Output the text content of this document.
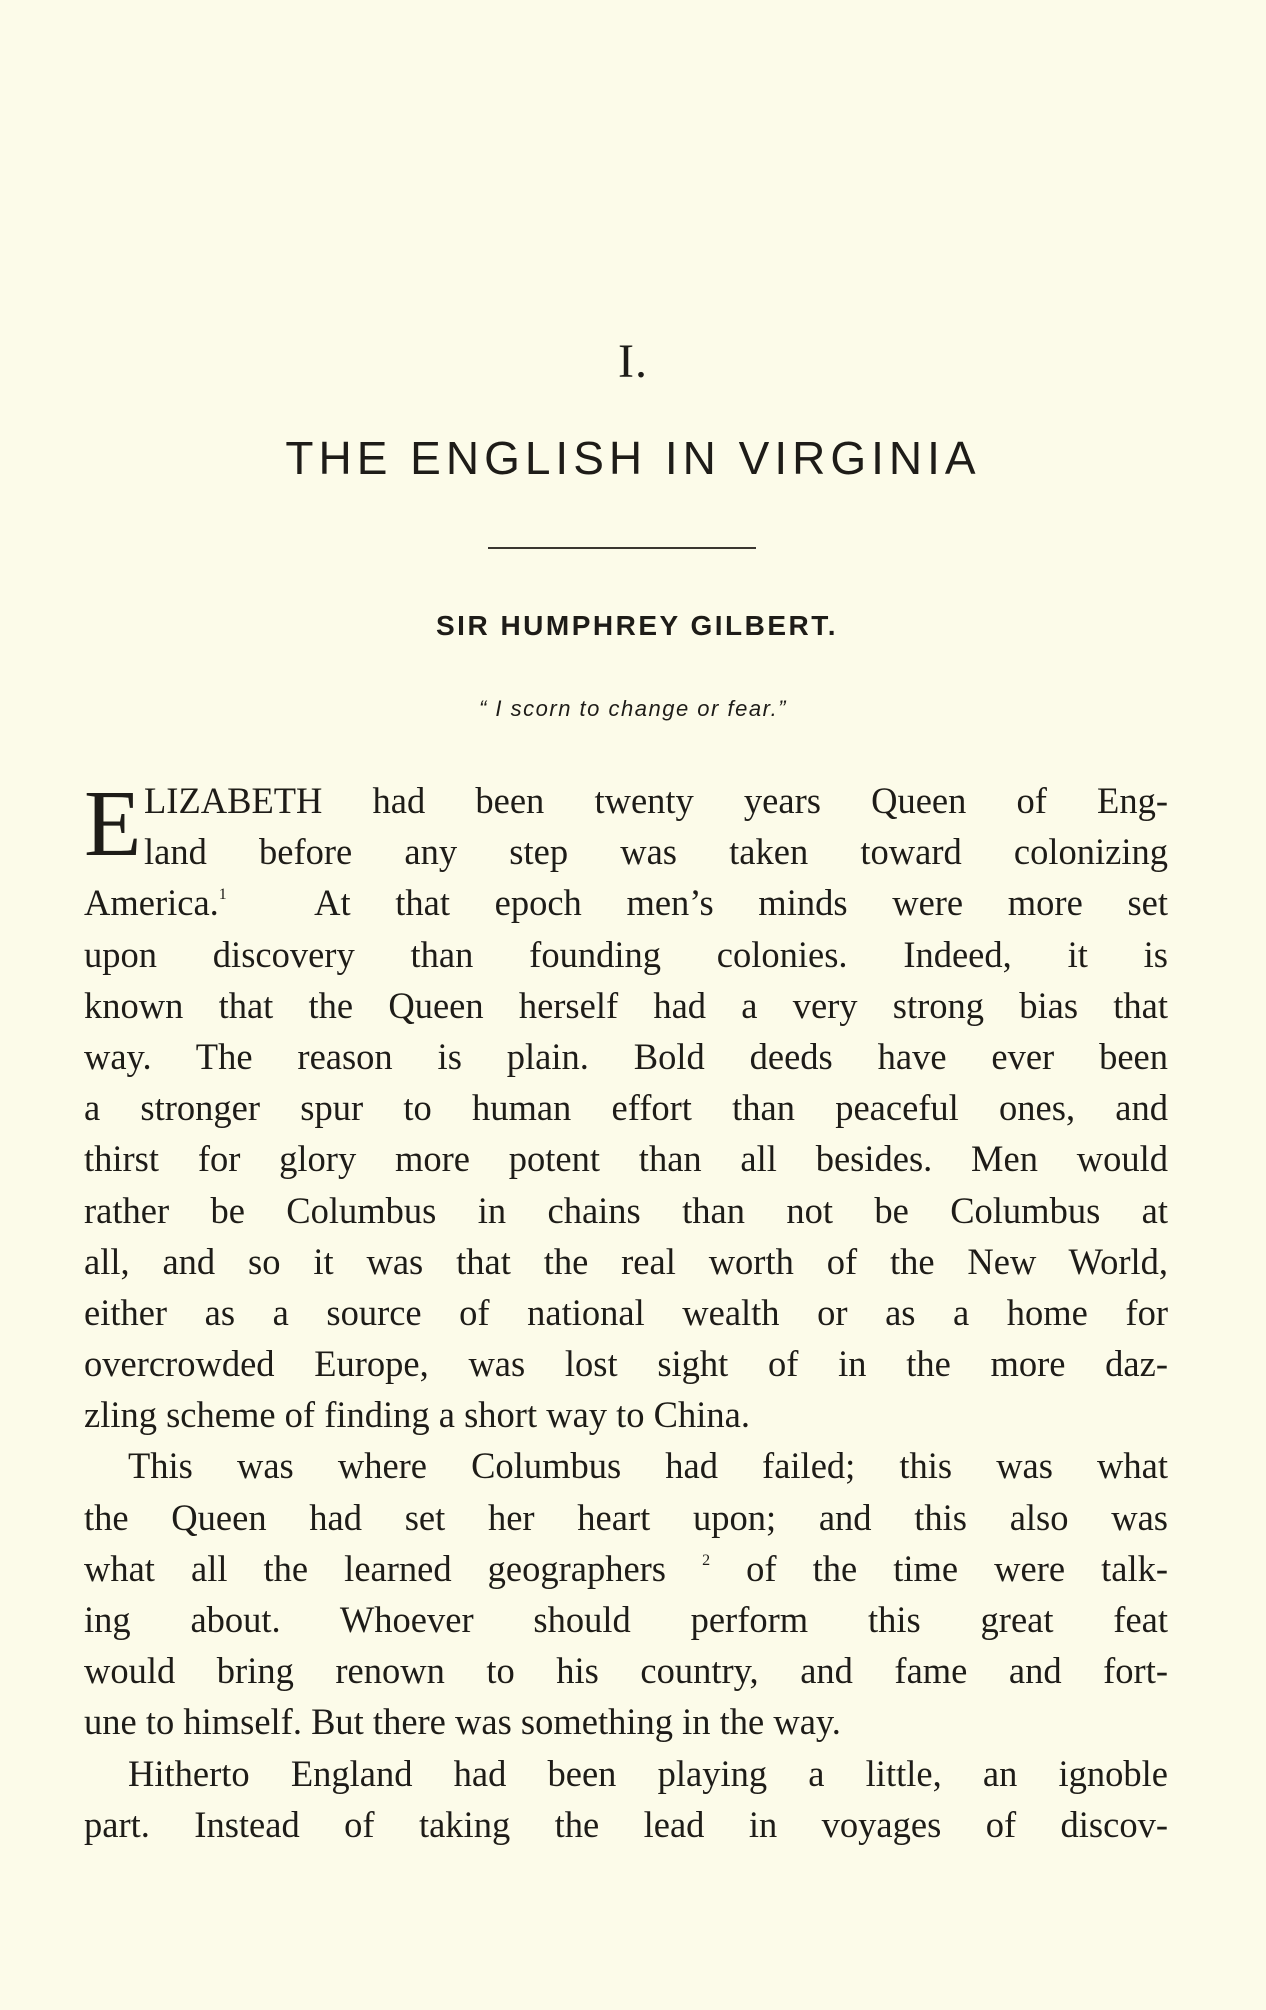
I.
THE ENGLISH IN VIRGINIA
SIR HUMPHREY GILBERT.
“ I scorn to change or fear.”
E LIZABETH had been twenty years Queen of Eng-
land before any step was taken toward colonizing
America.$^1$ At that epoch men’s minds were more set
upon discovery than founding colonies. Indeed, it is
known that the Queen herself had a very strong bias that
way. The reason is plain. Bold deeds have ever been
a stronger spur to human effort than peaceful ones, and
thirst for glory more potent than all besides. Men would
rather be Columbus in chains than not be Columbus at
all, and so it was that the real worth of the New World,
either as a source of national wealth or as a home for
overcrowded Europe, was lost sight of in the more daz-
zling scheme of finding a short way to China.
This was where Columbus had failed; this was what
the Queen had set her heart upon; and this also was
what all the learned geographers $^2$ of the time were talk-
ing about. Whoever should perform this great feat
would bring renown to his country, and fame and fort-
une to himself. But there was something in the way.
Hitherto England had been playing a little, an ignoble
part. Instead of taking the lead in voyages of discov-
